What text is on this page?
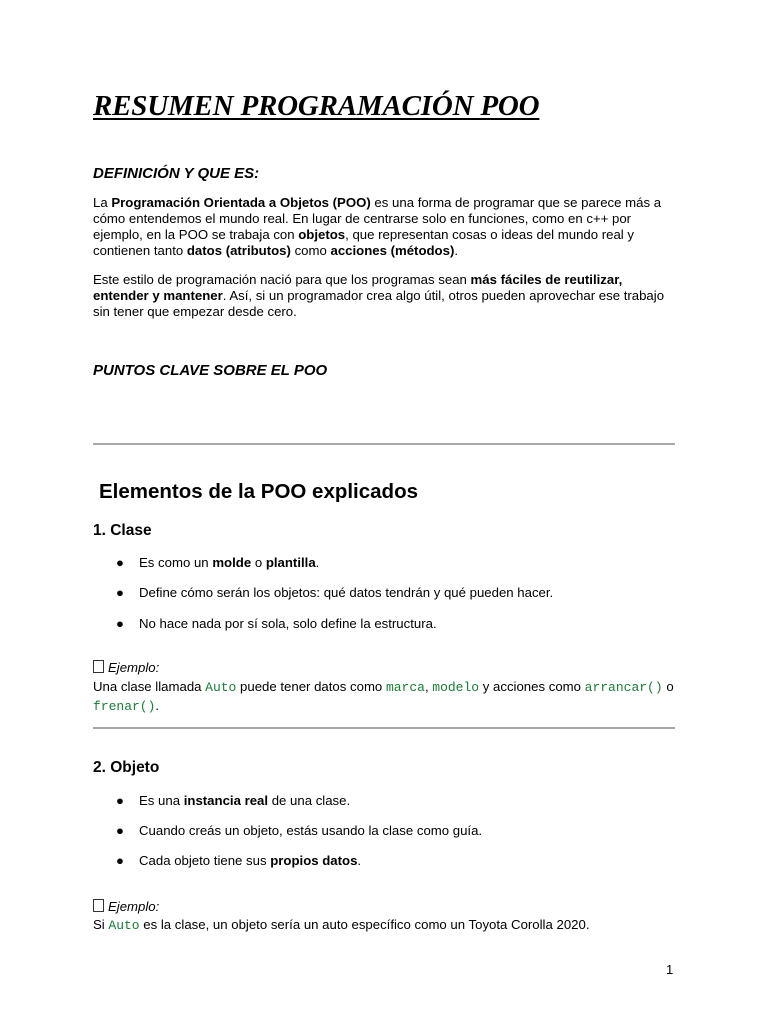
RESUMEN PROGRAMACIÓN POO

DEFINICIÓN Y QUE ES:

La Programación Orientada a Objetos (POO) es una forma de programar que se parece más a cómo entendemos el mundo real. En lugar de centrarse solo en funciones, como en c++ por ejemplo, en la POO se trabaja con objetos, que representan cosas o ideas del mundo real y contienen tanto datos (atributos) como acciones (métodos).

Este estilo de programación nació para que los programas sean más fáciles de reutilizar, entender y mantener. Así, si un programador crea algo útil, otros pueden aprovechar ese trabajo sin tener que empezar desde cero.

PUNTOS CLAVE SOBRE EL POO

Elementos de la POO explicados
1. Clase

● Es como un molde o plantilla.

● Define cómo serán los objetos: qué datos tendrán y qué pueden hacer.

● No hace nada por sí sola, solo define la estructura.

Ejemplo:

Una clase llamada Auto puede tener datos como marca, modelo y acciones como arrancar() o frenar().

2. Objeto

● Es una instancia real de una clase.

● Cuando creás un objeto, estás usando la clase como guía.

● Cada objeto tiene sus propios datos.

Ejemplo:

Si Auto es la clase, un objeto sería un auto específico como un Toyota Corolla 2020.

1
